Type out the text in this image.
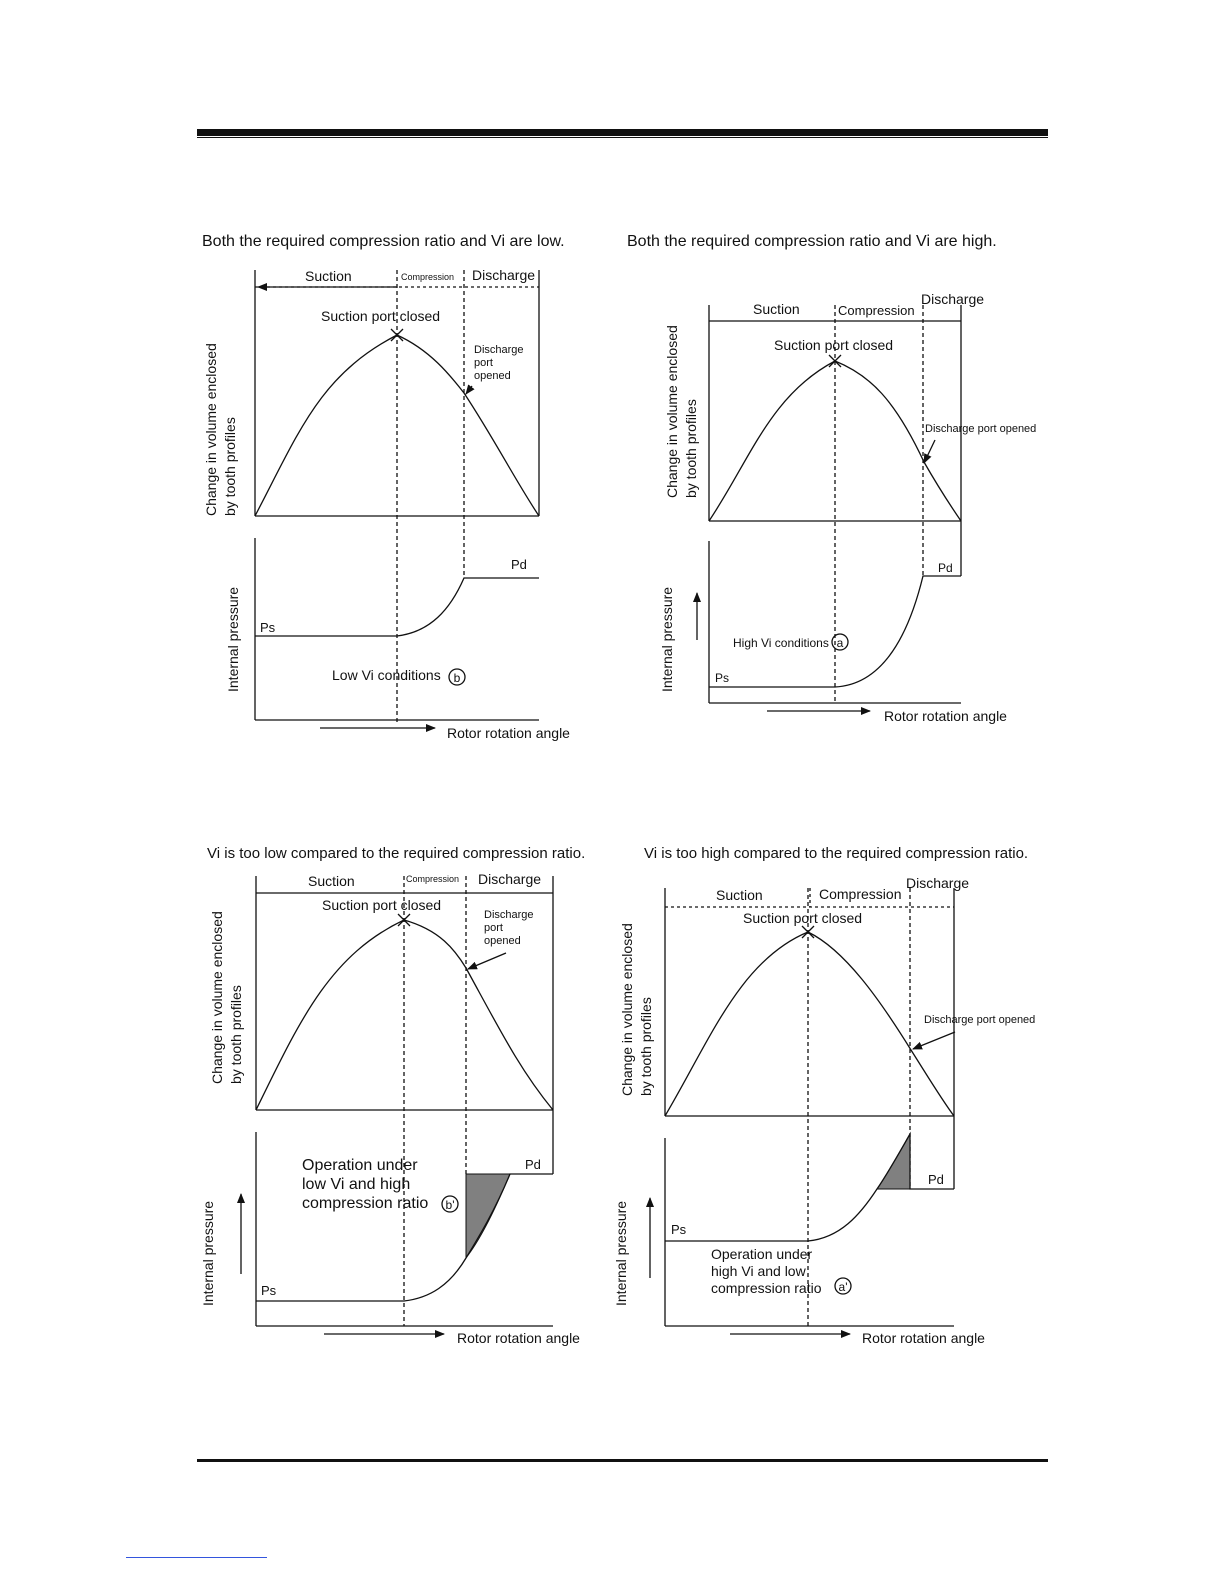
Both the required compression ratio and Vi are low.
Suction	Compression Discharge
Suction port closed
Discharge port opened
Ps
Pd
Low Vi conditions b
Rotor rotation angle
Change in volume enclosed by tooth profiles
Internal pressure
Both the required compression ratio and Vi are high.
Suction	Compression
Discharge
Suction port closed
Discharge port opened
Ps
Pd
High Vi conditions a
Rotor rotation angle
Change in volume enclosed by tooth profiles
Internal pressure
Vi is too low compared to the required compression ratio.
Suction	Compression Discharge
Suction port closed
Discharge port opened
Ps
Pd
Operation under low Vi and high compression ratio b'
Rotor rotation angle
Change in volume enclosed by tooth profiles
Internal pressure
Vi is too high compared to the required compression ratio.
Suction	Compression
Discharge
Suction port closed
Discharge port opened
Ps
Pd
Operation under high Vi and low compression ratio a'
Rotor rotation angle
Change in volume enclosed by tooth profiles
Internal pressure
